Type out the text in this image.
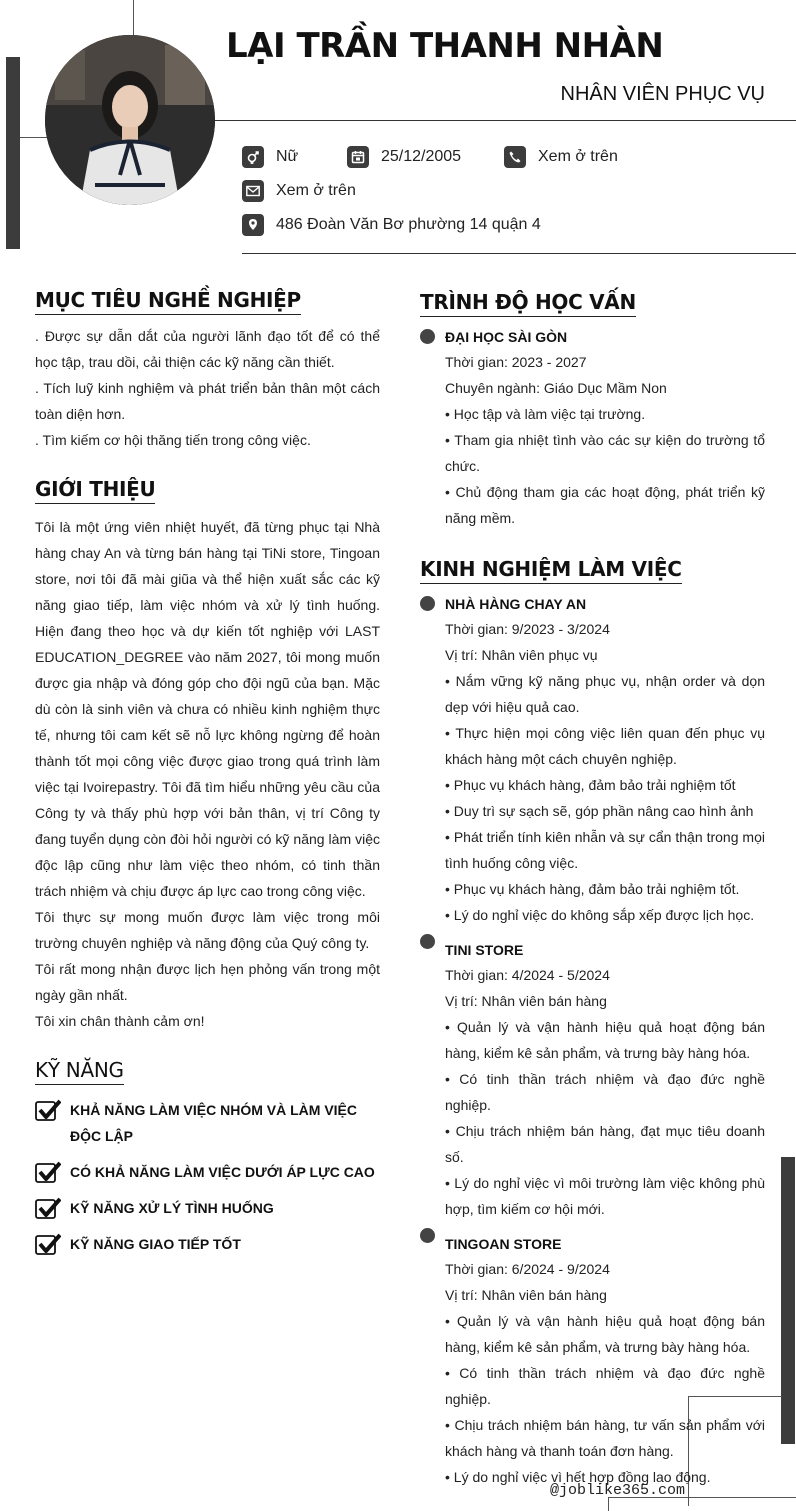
LẠI TRẦN THANH NHÀN
NHÂN VIÊN PHỤC VỤ
Nữ	25/12/2005	Xem ở trên
Xem ở trên
486 Đoàn Văn Bơ phường 14 quận 4
MỤC TIÊU NGHỀ NGHIỆP
. Được sự dẫn dắt của người lãnh đạo tốt để có thể học tập, trau dồi, cải thiện các kỹ năng cần thiết.
. Tích luỹ kinh nghiệm và phát triển bản thân một cách toàn diện hơn.
. Tìm kiếm cơ hội thăng tiến trong công việc.
GIỚI THIỆU
Tôi là một ứng viên nhiệt huyết, đã từng phục tại Nhà hàng chay An và từng bán hàng tại TiNi store, Tingoan store, nơi tôi đã mài giũa và thể hiện xuất sắc các kỹ năng giao tiếp, làm việc nhóm và xử lý tình huống. Hiện đang theo học và dự kiến tốt nghiệp với LAST EDUCATION_DEGREE vào năm 2027, tôi mong muốn được gia nhập và đóng góp cho đội ngũ của bạn. Mặc dù còn là sinh viên và chưa có nhiều kinh nghiệm thực tế, nhưng tôi cam kết sẽ nỗ lực không ngừng để hoàn thành tốt mọi công việc được giao trong quá trình làm việc tại Ivoirepastry. Tôi đã tìm hiểu những yêu cầu của Công ty và thấy phù hợp với bản thân, vị trí Công ty đang tuyển dụng còn đòi hỏi người có kỹ năng làm việc độc lập cũng như làm việc theo nhóm, có tinh thần trách nhiệm và chịu được áp lực cao trong công việc.
Tôi thực sự mong muốn được làm việc trong môi trường chuyên nghiệp và năng động của Quý công ty.
Tôi rất mong nhận được lịch hẹn phỏng vấn trong một ngày gần nhất.
Tôi xin chân thành cảm ơn!
KỸ NĂNG
KHẢ NĂNG LÀM VIỆC NHÓM VÀ LÀM VIỆC ĐỘC LẬP
CÓ KHẢ NĂNG LÀM VIỆC DƯỚI ÁP LỰC CAO
KỸ NĂNG XỬ LÝ TÌNH HUỐNG
KỸ NĂNG GIAO TIẾP TỐT
TRÌNH ĐỘ HỌC VẤN
ĐẠI HỌC SÀI GÒN
Thời gian: 2023 - 2027
Chuyên ngành: Giáo Dục Mầm Non
• Học tập và làm việc tại trường.
• Tham gia nhiệt tình vào các sự kiện do trường tổ chức.
• Chủ động tham gia các hoạt động, phát triển kỹ năng mềm.
KINH NGHIỆM LÀM VIỆC
NHÀ HÀNG CHAY AN
Thời gian: 9/2023 - 3/2024
Vị trí: Nhân viên phục vụ
• Nắm vững kỹ năng phục vụ, nhận order và dọn dẹp với hiệu quả cao.
• Thực hiện mọi công việc liên quan đến phục vụ khách hàng một cách chuyên nghiệp.
• Phục vụ khách hàng, đảm bảo trải nghiệm tốt
• Duy trì sự sạch sẽ, góp phần nâng cao hình ảnh
• Phát triển tính kiên nhẫn và sự cẩn thận trong mọi tình huống công việc.
• Phục vụ khách hàng, đảm bảo trải nghiệm tốt.
• Lý do nghỉ việc do không sắp xếp được lịch học.
TINI STORE
Thời gian: 4/2024 - 5/2024
Vị trí: Nhân viên bán hàng
• Quản lý và vận hành hiệu quả hoạt động bán hàng, kiểm kê sản phẩm, và trưng bày hàng hóa.
• Có tinh thần trách nhiệm và đạo đức nghề nghiệp.
• Chịu trách nhiệm bán hàng, đạt mục tiêu doanh số.
• Lý do nghỉ việc vì môi trường làm việc không phù hợp, tìm kiếm cơ hội mới.
TINGOAN STORE
Thời gian: 6/2024 - 9/2024
Vị trí: Nhân viên bán hàng
• Quản lý và vận hành hiệu quả hoạt động bán hàng, kiểm kê sản phẩm, và trưng bày hàng hóa.
• Có tinh thần trách nhiệm và đạo đức nghề nghiệp.
• Chịu trách nhiệm bán hàng, tư vấn sản phẩm với khách hàng và thanh toán đơn hàng.
• Lý do nghỉ việc vì hết hợp đồng lao động.
@joblike365.com
